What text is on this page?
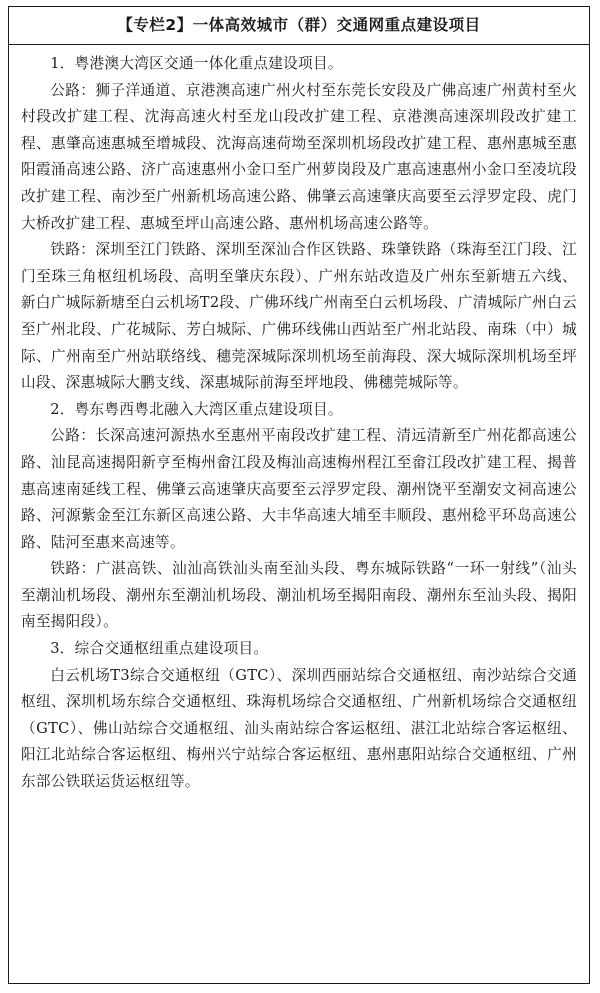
【专栏2】一体高效城市（群）交通网重点建设项目

1．粤港澳大湾区交通一体化重点建设项目。

公路：狮子洋通道、京港澳高速广州火村至东莞长安段及广佛高速广州黄村至火村段改扩建工程、沈海高速火村至龙山段改扩建工程、京港澳高速深圳段改扩建工程、惠肇高速惠城至增城段、沈海高速荷坳至深圳机场段改扩建工程、惠州惠城至惠阳霞涌高速公路、济广高速惠州小金口至广州萝岗段及广惠高速惠州小金口至凌坑段改扩建工程、南沙至广州新机场高速公路、佛肇云高速肇庆高要至云浮罗定段、虎门大桥改扩建工程、惠城至坪山高速公路、惠州机场高速公路等。

铁路：深圳至江门铁路、深圳至深汕合作区铁路、珠肇铁路（珠海至江门段、江门至珠三角枢纽机场段、高明至肇庆东段）、广州东站改造及广州东至新塘五六线、新白广城际新塘至白云机场T2段、广佛环线广州南至白云机场段、广清城际广州白云至广州北段、广花城际、芳白城际、广佛环线佛山西站至广州北站段、南珠（中）城际、广州南至广州站联络线、穗莞深城际深圳机场至前海段、深大城际深圳机场至坪山段、深惠城际大鹏支线、深惠城际前海至坪地段、佛穗莞城际等。

2．粤东粤西粤北融入大湾区重点建设项目。

公路：长深高速河源热水至惠州平南段改扩建工程、清远清新至广州花都高速公路、汕昆高速揭阳新亨至梅州畲江段及梅汕高速梅州程江至畲江段改扩建工程、揭普惠高速南延线工程、佛肇云高速肇庆高要至云浮罗定段、潮州饶平至潮安文祠高速公路、河源紫金至江东新区高速公路、大丰华高速大埔至丰顺段、惠州稔平环岛高速公路、陆河至惠来高速等。

铁路：广湛高铁、汕汕高铁汕头南至汕头段、粤东城际铁路“一环一射线”（汕头至潮汕机场段、潮州东至潮汕机场段、潮汕机场至揭阳南段、潮州东至汕头段、揭阳南至揭阳段）。

3．综合交通枢纽重点建设项目。

白云机场T3综合交通枢纽（GTC）、深圳西丽站综合交通枢纽、南沙站综合交通枢纽、深圳机场东综合交通枢纽、珠海机场综合交通枢纽、广州新机场综合交通枢纽（GTC）、佛山站综合交通枢纽、汕头南站综合客运枢纽、湛江北站综合客运枢纽、阳江北站综合客运枢纽、梅州兴宁站综合客运枢纽、惠州惠阳站综合交通枢纽、广州东部公铁联运货运枢纽等。
